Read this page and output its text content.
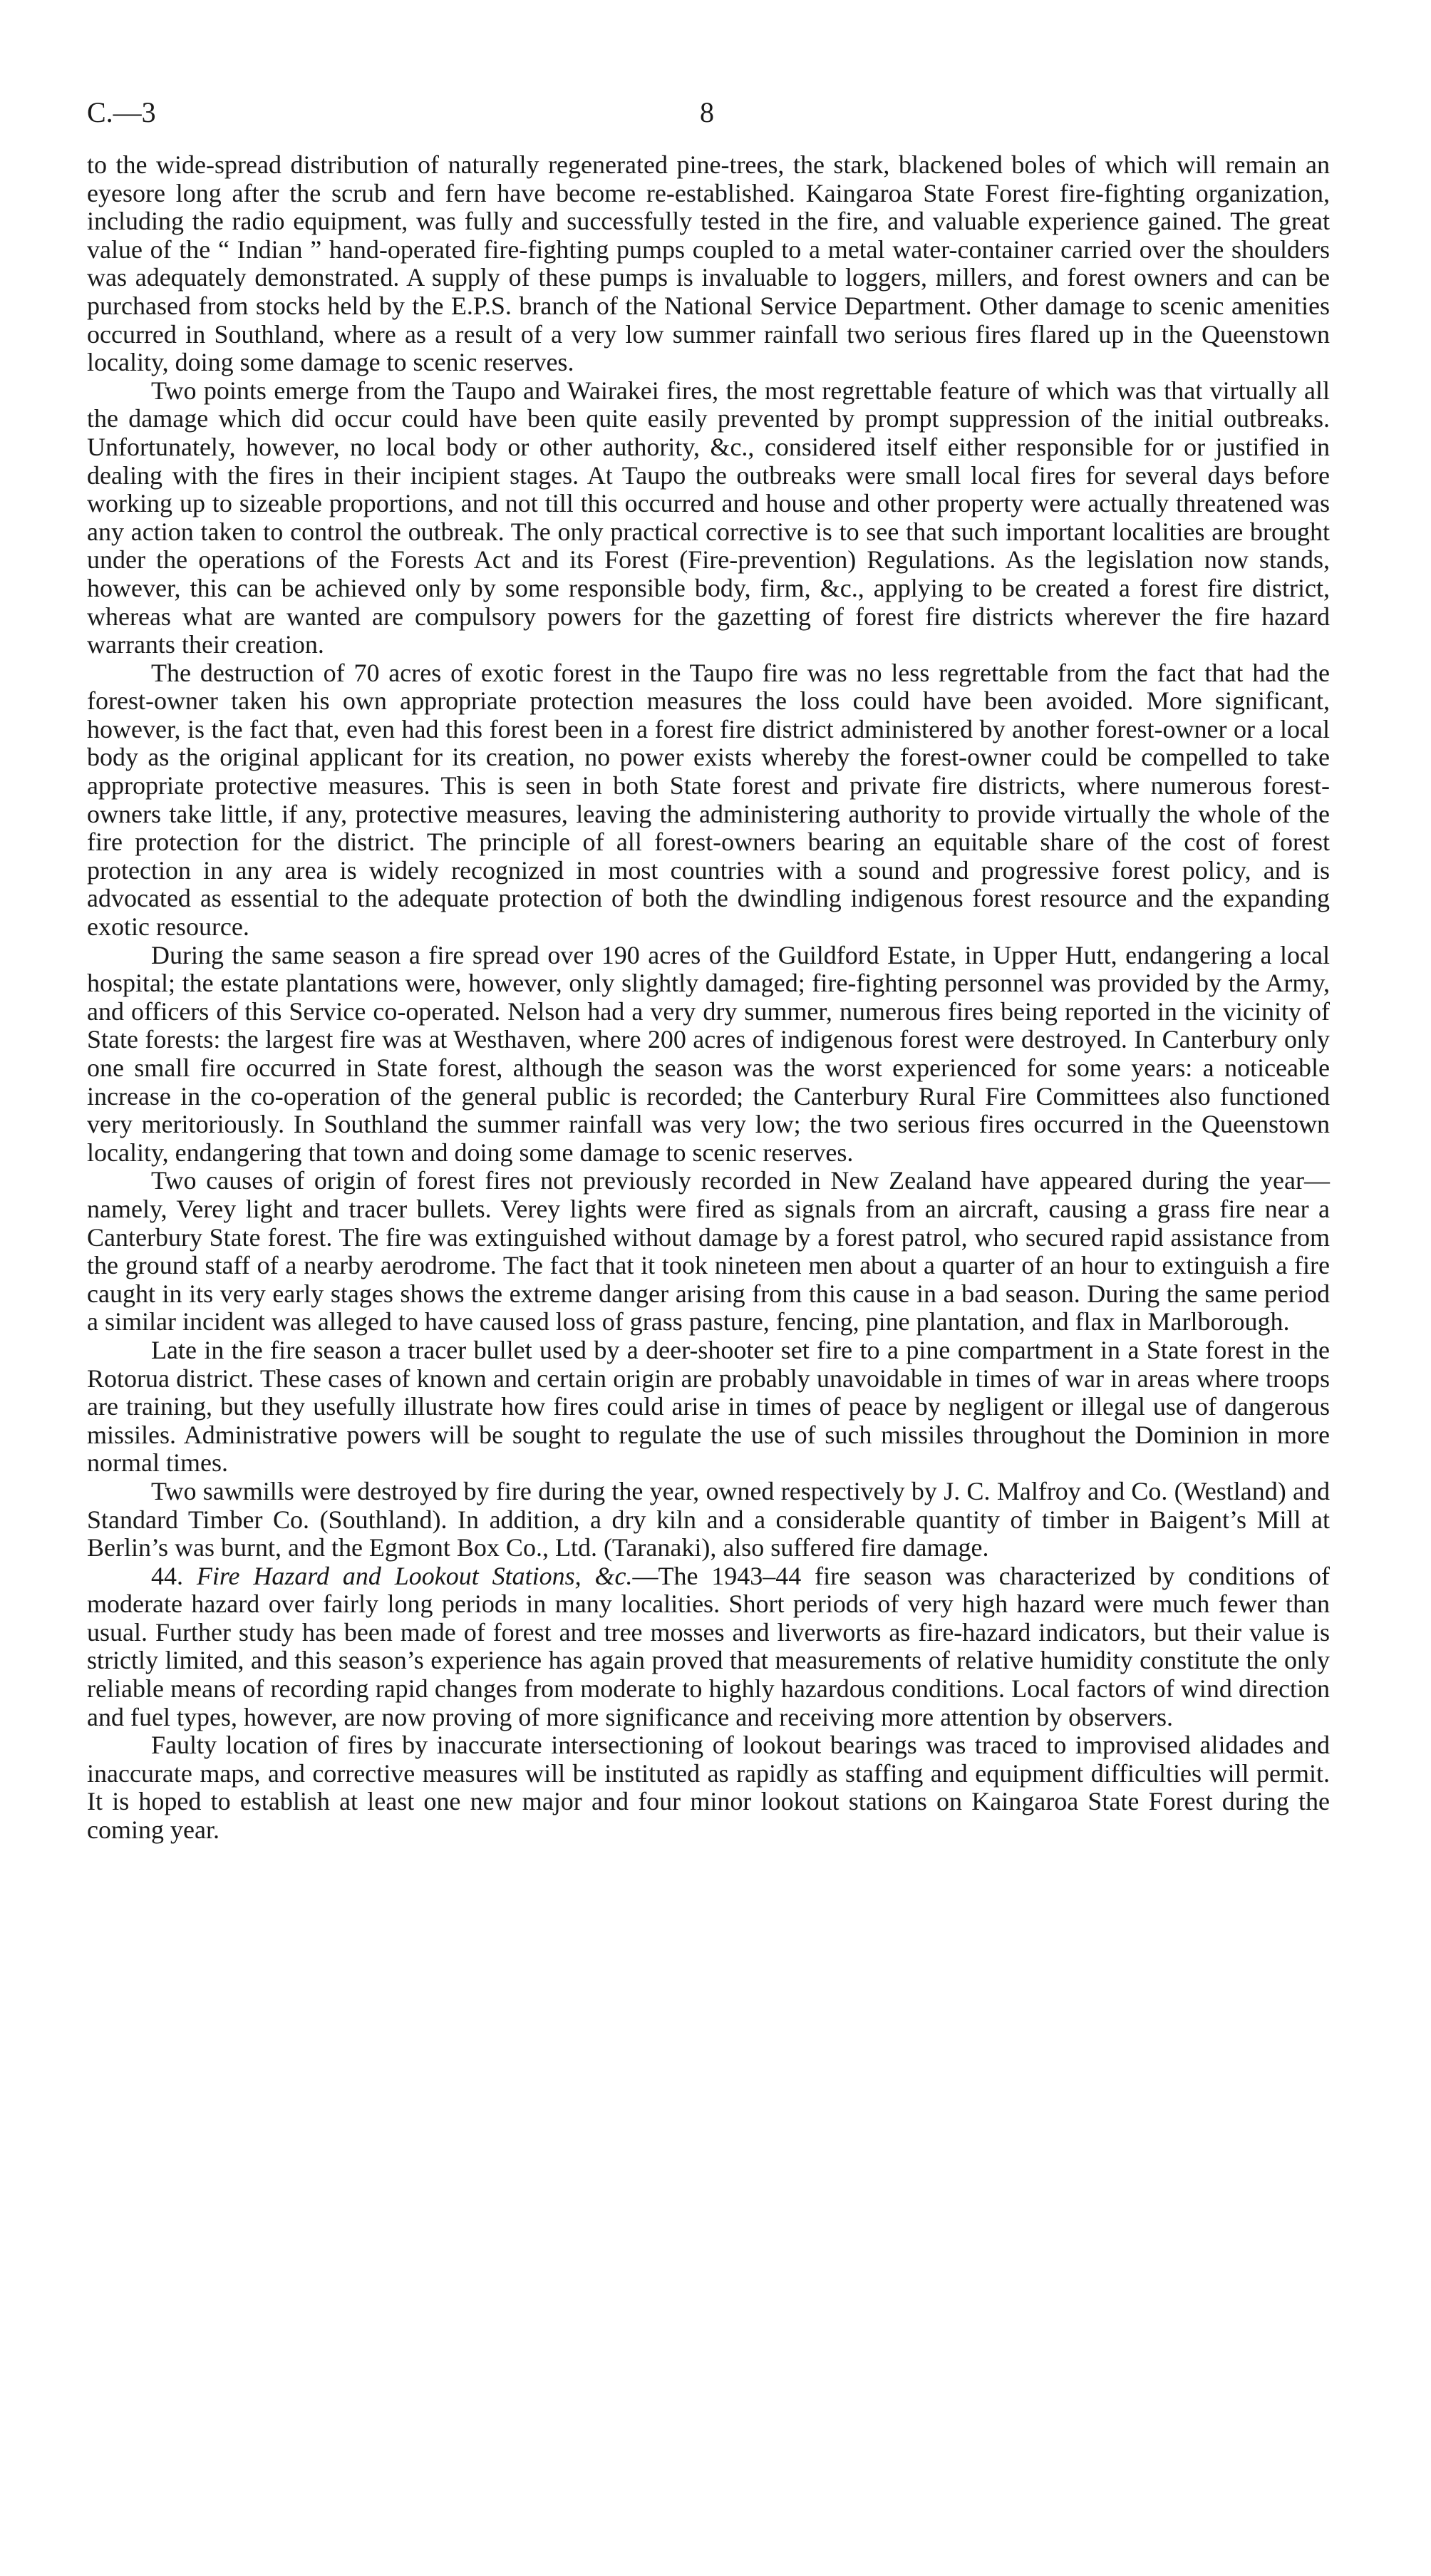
C.—3	8

to the wide-spread distribution of naturally regenerated pine-trees, the stark, blackened boles of which will remain an eyesore long after the scrub and fern have become re-established. Kaingaroa State Forest fire-fighting organization, including the radio equipment, was fully and successfully tested in the fire, and valuable experience gained. The great value of the “ Indian ” hand-operated fire-fighting pumps coupled to a metal water-container carried over the shoulders was adequately demonstrated. A supply of these pumps is invaluable to loggers, millers, and forest owners and can be purchased from stocks held by the E.P.S. branch of the National Service Department. Other damage to scenic amenities occurred in Southland, where as a result of a very low summer rainfall two serious fires flared up in the Queenstown locality, doing some damage to scenic reserves.

Two points emerge from the Taupo and Wairakei fires, the most regrettable feature of which was that virtually all the damage which did occur could have been quite easily prevented by prompt suppression of the initial outbreaks. Unfortunately, however, no local body or other authority, &c., considered itself either responsible for or justified in dealing with the fires in their incipient stages. At Taupo the outbreaks were small local fires for several days before working up to sizeable proportions, and not till this occurred and house and other property were actually threatened was any action taken to control the outbreak. The only practical corrective is to see that such important localities are brought under the operations of the Forests Act and its Forest (Fire-prevention) Regulations. As the legislation now stands, however, this can be achieved only by some responsible body, firm, &c., applying to be created a forest fire district, whereas what are wanted are compulsory powers for the gazetting of forest fire districts wherever the fire hazard warrants their creation.

The destruction of 70 acres of exotic forest in the Taupo fire was no less regrettable from the fact that had the forest-owner taken his own appropriate protection measures the loss could have been avoided. More significant, however, is the fact that, even had this forest been in a forest fire district administered by another forest-owner or a local body as the original applicant for its creation, no power exists whereby the forest-owner could be compelled to take appropriate protective measures. This is seen in both State forest and private fire districts, where numerous forest-owners take little, if any, protective measures, leaving the administering authority to provide virtually the whole of the fire protection for the district. The principle of all forest-owners bearing an equitable share of the cost of forest protection in any area is widely recognized in most countries with a sound and progressive forest policy, and is advocated as essential to the adequate protection of both the dwindling indigenous forest resource and the expanding exotic resource.

During the same season a fire spread over 190 acres of the Guildford Estate, in Upper Hutt, endangering a local hospital; the estate plantations were, however, only slightly damaged; fire-fighting personnel was provided by the Army, and officers of this Service co-operated. Nelson had a very dry summer, numerous fires being reported in the vicinity of State forests: the largest fire was at Westhaven, where 200 acres of indigenous forest were destroyed. In Canterbury only one small fire occurred in State forest, although the season was the worst experienced for some years: a noticeable increase in the co-operation of the general public is recorded; the Canterbury Rural Fire Committees also functioned very meritoriously. In Southland the summer rainfall was very low; the two serious fires occurred in the Queenstown locality, endangering that town and doing some damage to scenic reserves.

Two causes of origin of forest fires not previously recorded in New Zealand have appeared during the year—namely, Verey light and tracer bullets. Verey lights were fired as signals from an aircraft, causing a grass fire near a Canterbury State forest. The fire was extinguished without damage by a forest patrol, who secured rapid assistance from the ground staff of a nearby aerodrome. The fact that it took nineteen men about a quarter of an hour to extinguish a fire caught in its very early stages shows the extreme danger arising from this cause in a bad season. During the same period a similar incident was alleged to have caused loss of grass pasture, fencing, pine plantation, and flax in Marlborough.

Late in the fire season a tracer bullet used by a deer-shooter set fire to a pine compartment in a State forest in the Rotorua district. These cases of known and certain origin are probably unavoidable in times of war in areas where troops are training, but they usefully illustrate how fires could arise in times of peace by negligent or illegal use of dangerous missiles. Administrative powers will be sought to regulate the use of such missiles throughout the Dominion in more normal times.

Two sawmills were destroyed by fire during the year, owned respectively by J. C. Malfroy and Co. (Westland) and Standard Timber Co. (Southland). In addition, a dry kiln and a considerable quantity of timber in Baigent’s Mill at Berlin’s was burnt, and the Egmont Box Co., Ltd. (Taranaki), also suffered fire damage.

44. Fire Hazard and Lookout Stations, &c.—The 1943–44 fire season was characterized by conditions of moderate hazard over fairly long periods in many localities. Short periods of very high hazard were much fewer than usual. Further study has been made of forest and tree mosses and liverworts as fire-hazard indicators, but their value is strictly limited, and this season’s experience has again proved that measurements of relative humidity constitute the only reliable means of recording rapid changes from moderate to highly hazardous conditions. Local factors of wind direction and fuel types, however, are now proving of more significance and receiving more attention by observers.

Faulty location of fires by inaccurate intersectioning of lookout bearings was traced to improvised alidades and inaccurate maps, and corrective measures will be instituted as rapidly as staffing and equipment difficulties will permit. It is hoped to establish at least one new major and four minor lookout stations on Kaingaroa State Forest during the coming year.
